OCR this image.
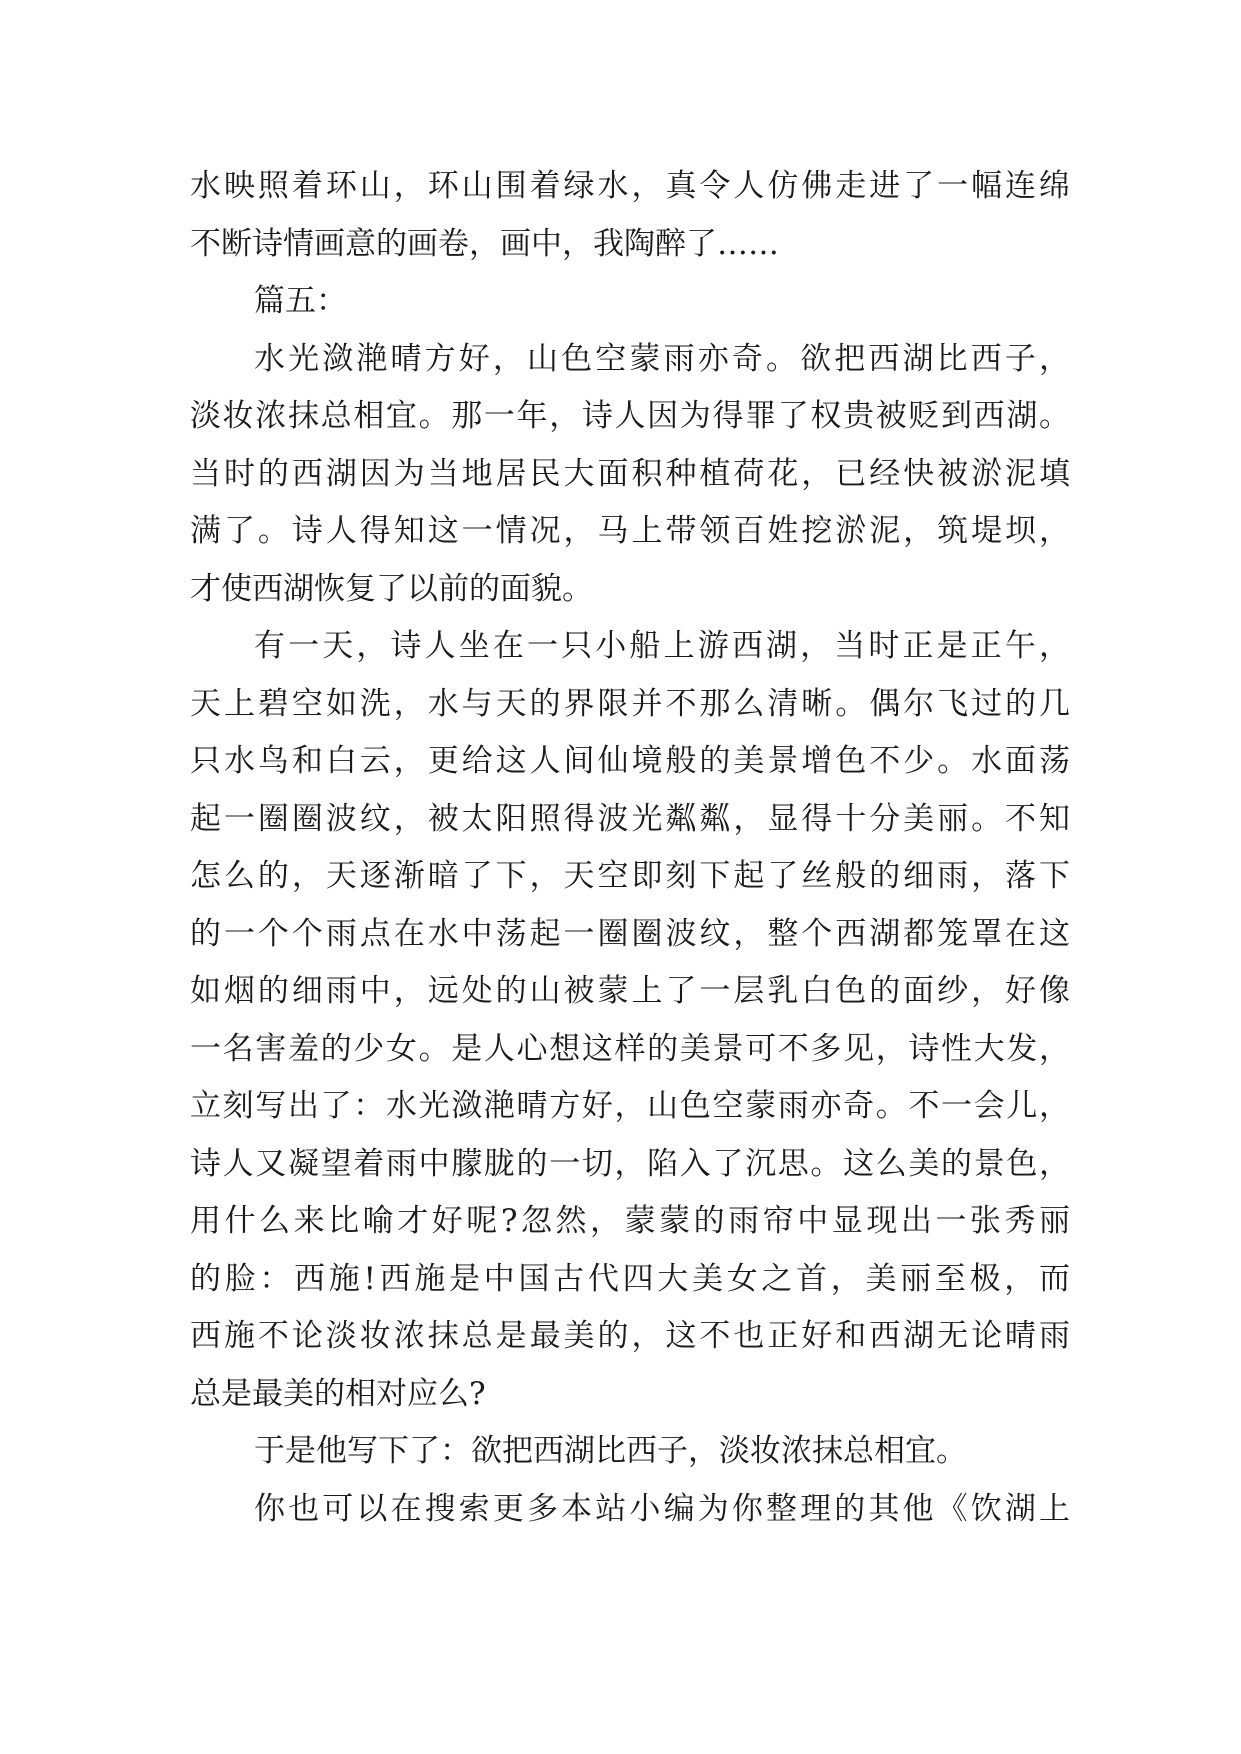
水映照着环山，环山围着绿水，真令人仿佛走进了一幅连绵
不断诗情画意的画卷，画中，我陶醉了……
篇五：
水光潋滟晴方好，山色空蒙雨亦奇。欲把西湖比西子，
淡妆浓抹总相宜。那一年，诗人因为得罪了权贵被贬到西湖。
当时的西湖因为当地居民大面积种植荷花，已经快被淤泥填
满了。诗人得知这一情况，马上带领百姓挖淤泥，筑堤坝，
才使西湖恢复了以前的面貌。
有一天，诗人坐在一只小船上游西湖，当时正是正午，
天上碧空如洗，水与天的界限并不那么清晰。偶尔飞过的几
只水鸟和白云，更给这人间仙境般的美景增色不少。水面荡
起一圈圈波纹，被太阳照得波光粼粼，显得十分美丽。不知
怎么的，天逐渐暗了下，天空即刻下起了丝般的细雨，落下
的一个个雨点在水中荡起一圈圈波纹，整个西湖都笼罩在这
如烟的细雨中，远处的山被蒙上了一层乳白色的面纱，好像
一名害羞的少女。是人心想这样的美景可不多见，诗性大发，
立刻写出了：水光潋滟晴方好，山色空蒙雨亦奇。不一会儿，
诗人又凝望着雨中朦胧的一切，陷入了沉思。这么美的景色，
用什么来比喻才好呢?忽然，蒙蒙的雨帘中显现出一张秀丽
的脸：西施!西施是中国古代四大美女之首，美丽至极，而
西施不论淡妆浓抹总是最美的，这不也正好和西湖无论晴雨
总是最美的相对应么?
于是他写下了：欲把西湖比西子，淡妆浓抹总相宜。
你也可以在搜索更多本站小编为你整理的其他《饮湖上
